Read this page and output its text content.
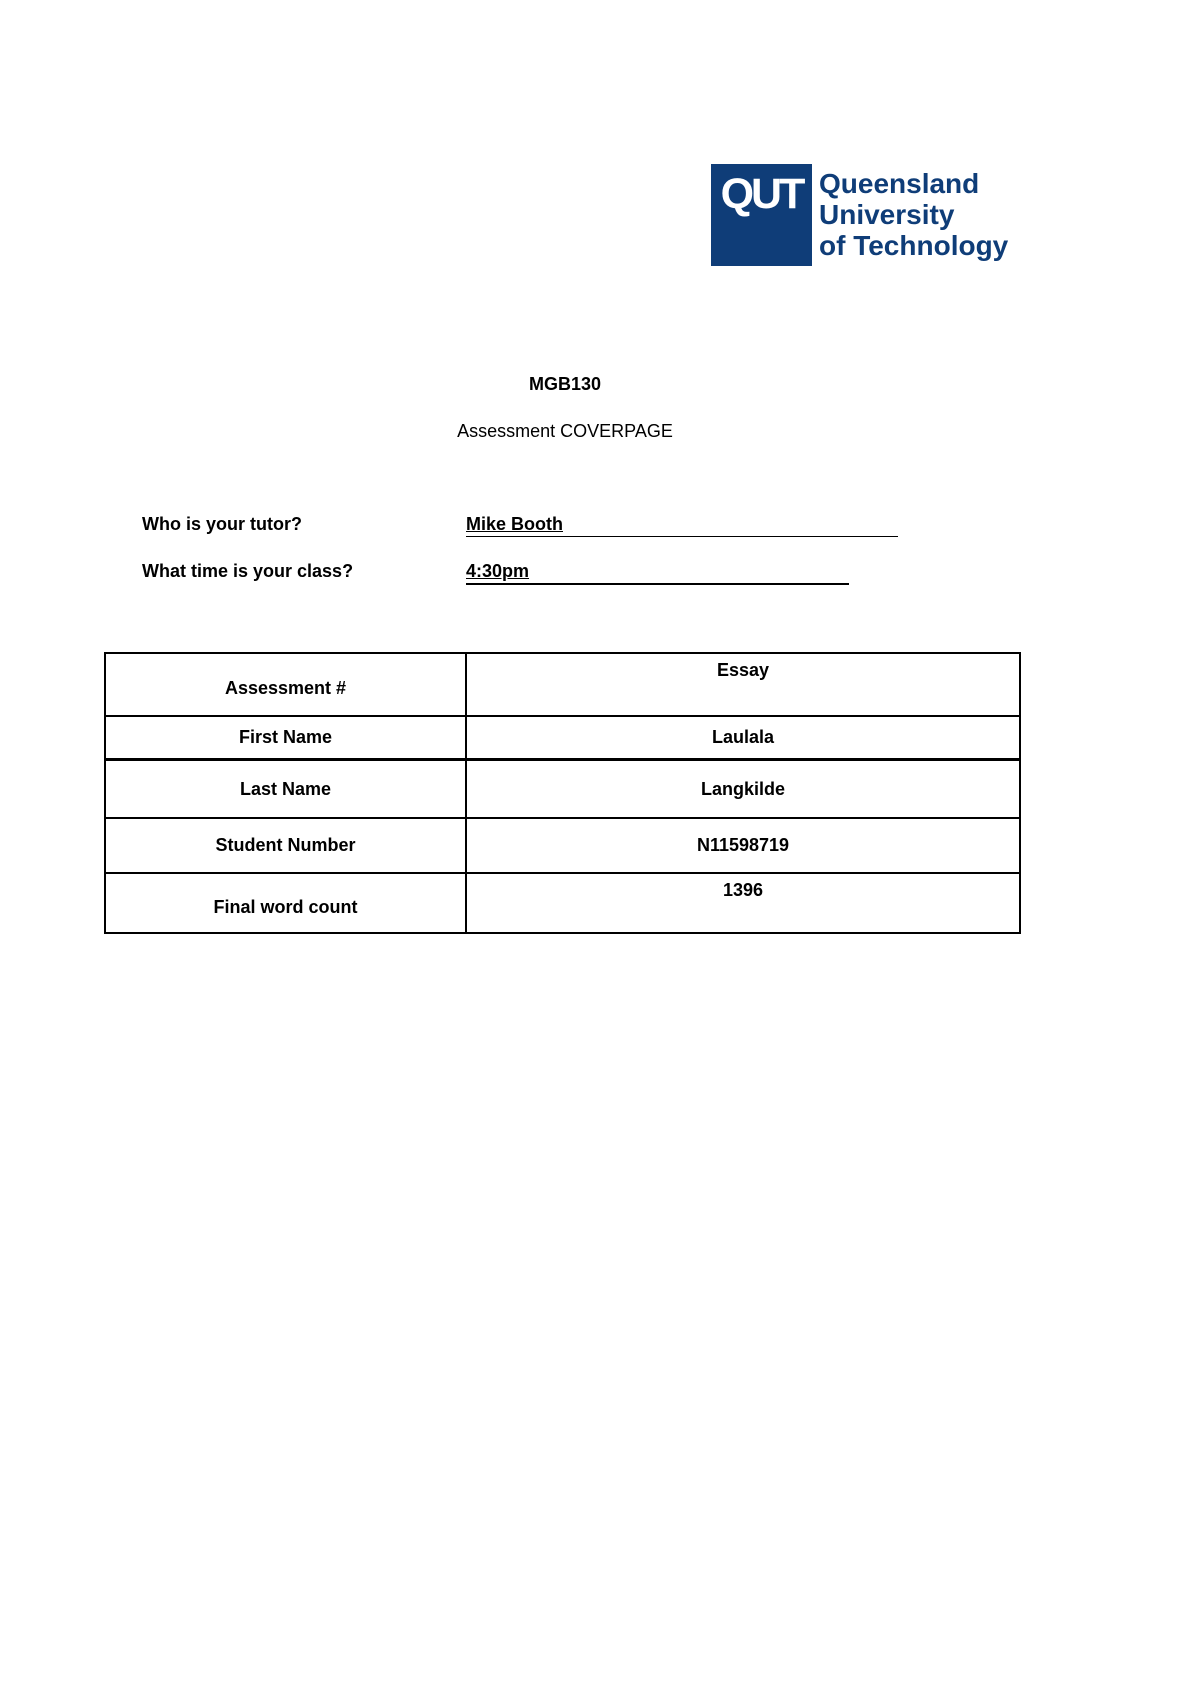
QUT Queensland
University
of Technology
MGB130
Assessment COVERPAGE
Who is your tutor?	Mike Booth
What time is your class?	4:30pm
Assessment #	Essay
First Name	Laulala
Last Name	Langkilde
Student Number	N11598719
Final word count	1396
